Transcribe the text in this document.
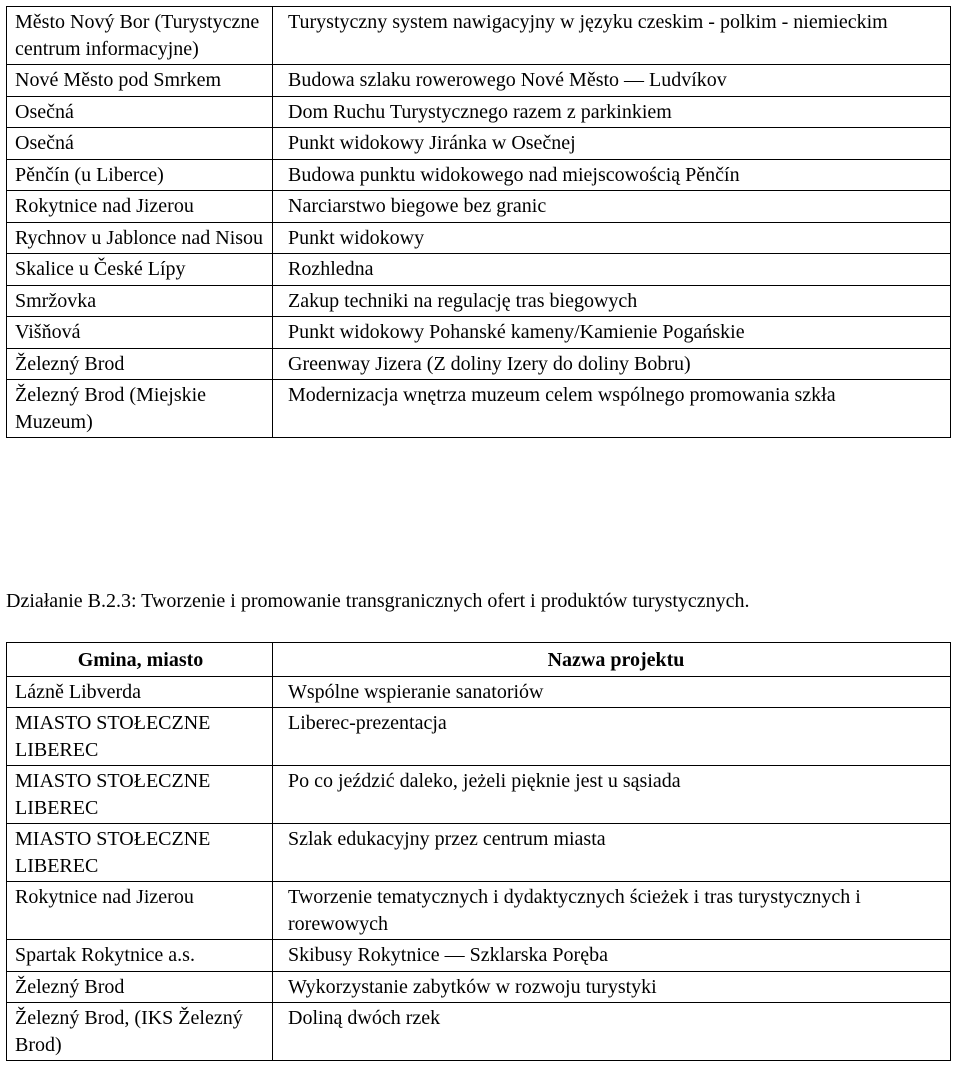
Město Nový Bor (Turystyczne centrum informacyjne)	Turystyczny system nawigacyjny w języku czeskim - polkim - niemieckim
Nové Město pod Smrkem	Budowa szlaku rowerowego Nové Město — Ludvíkov
Osečná	Dom Ruchu Turystycznego razem z parkinkiem
Osečná	Punkt widokowy Jiránka w Osečnej
Pěnčín (u Liberce)	Budowa punktu widokowego nad miejscowością Pěnčín
Rokytnice nad Jizerou	Narciarstwo biegowe bez granic
Rychnov u Jablonce nad Nisou	Punkt widokowy
Skalice u České Lípy	Rozhledna
Smržovka	Zakup techniki na regulację tras biegowych
Višňová	Punkt widokowy Pohanské kameny/Kamienie Pogańskie
Železný Brod	Greenway Jizera (Z doliny Izery do doliny Bobru)
Železný Brod (Miejskie Muzeum)	Modernizacja wnętrza muzeum celem wspólnego promowania szkła
Działanie B.2.3: Tworzenie i promowanie transgranicznych ofert i produktów turystycznych.
Gmina, miasto	Nazwa projektu
Lázně Libverda	Wspólne wspieranie sanatoriów
MIASTO STOŁECZNE LIBEREC	Liberec-prezentacja
MIASTO STOŁECZNE LIBEREC	Po co jeździć daleko, jeżeli pięknie jest u sąsiada
MIASTO STOŁECZNE LIBEREC	Szlak edukacyjny przez centrum miasta
Rokytnice nad Jizerou	Tworzenie tematycznych i dydaktycznych ścieżek i tras turystycznych i rorewowych
Spartak Rokytnice a.s.	Skibusy Rokytnice — Szklarska Poręba
Železný Brod	Wykorzystanie zabytków w rozwoju turystyki
Železný Brod, (IKS Železný Brod)	Doliną dwóch rzek
